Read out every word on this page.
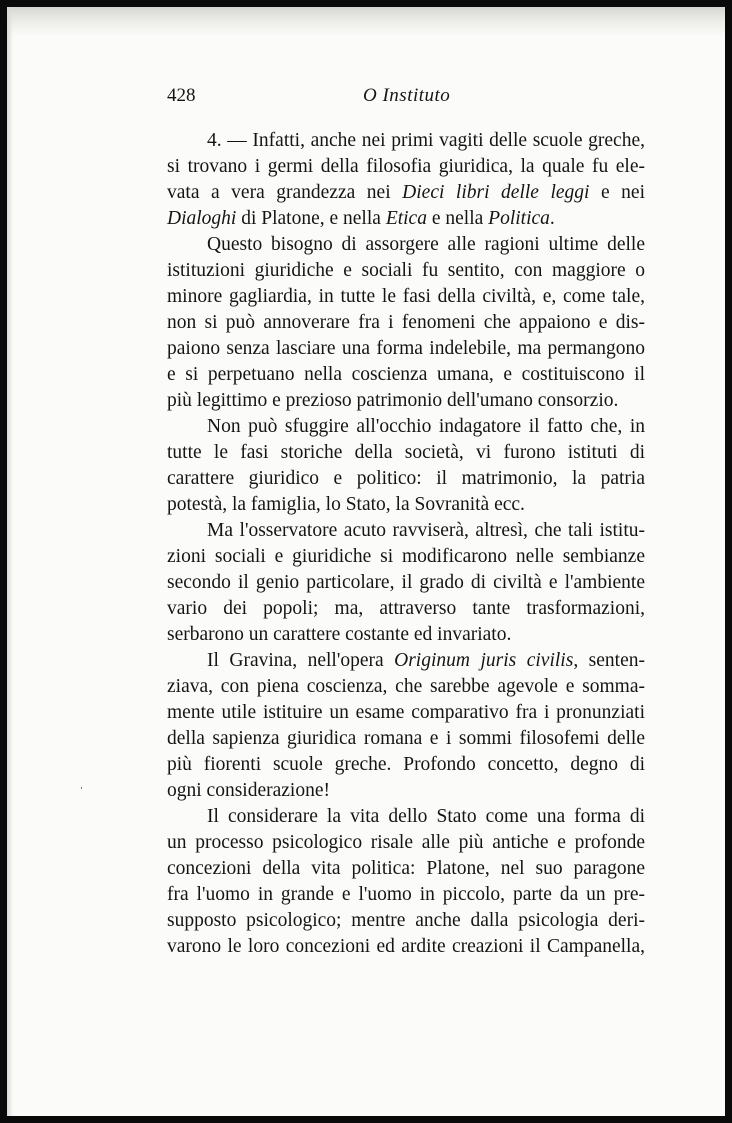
428	O Instituto

4. — Infatti, anche nei primi vagiti delle scuole greche,
si trovano i germi della filosofia giuridica, la quale fu ele-
vata a vera grandezza nei Dieci libri delle leggi e nei
Dialoghi di Platone, e nella Etica e nella Politica.

Questo bisogno di assorgere alle ragioni ultime delle
istituzioni giuridiche e sociali fu sentito, con maggiore o
minore gagliardia, in tutte le fasi della civiltà, e, come tale,
non si può annoverare fra i fenomeni che appaiono e dis-
paiono senza lasciare una forma indelebile, ma permangono
e si perpetuano nella coscienza umana, e costituiscono il
più legittimo e prezioso patrimonio dell'umano consorzio.

Non può sfuggire all'occhio indagatore il fatto che, in
tutte le fasi storiche della società, vi furono istituti di
carattere giuridico e politico: il matrimonio, la patria
potestà, la famiglia, lo Stato, la Sovranità ecc.

Ma l'osservatore acuto ravviserà, altresì, che tali istitu-
zioni sociali e giuridiche si modificarono nelle sembianze
secondo il genio particolare, il grado di civiltà e l'ambiente
vario dei popoli; ma, attraverso tante trasformazioni,
serbarono un carattere costante ed invariato.

Il Gravina, nell'opera Originum juris civilis, senten-
ziava, con piena coscienza, che sarebbe agevole e somma-
mente utile istituire un esame comparativo fra i pronunziati
della sapienza giuridica romana e i sommi filosofemi delle
più fiorenti scuole greche. Profondo concetto, degno di
ogni considerazione!

Il considerare la vita dello Stato come una forma di
un processo psicologico risale alle più antiche e profonde
concezioni della vita politica: Platone, nel suo paragone
fra l'uomo in grande e l'uomo in piccolo, parte da un pre-
supposto psicologico; mentre anche dalla psicologia deri-
varono le loro concezioni ed ardite creazioni il Campanella,

ˌ
